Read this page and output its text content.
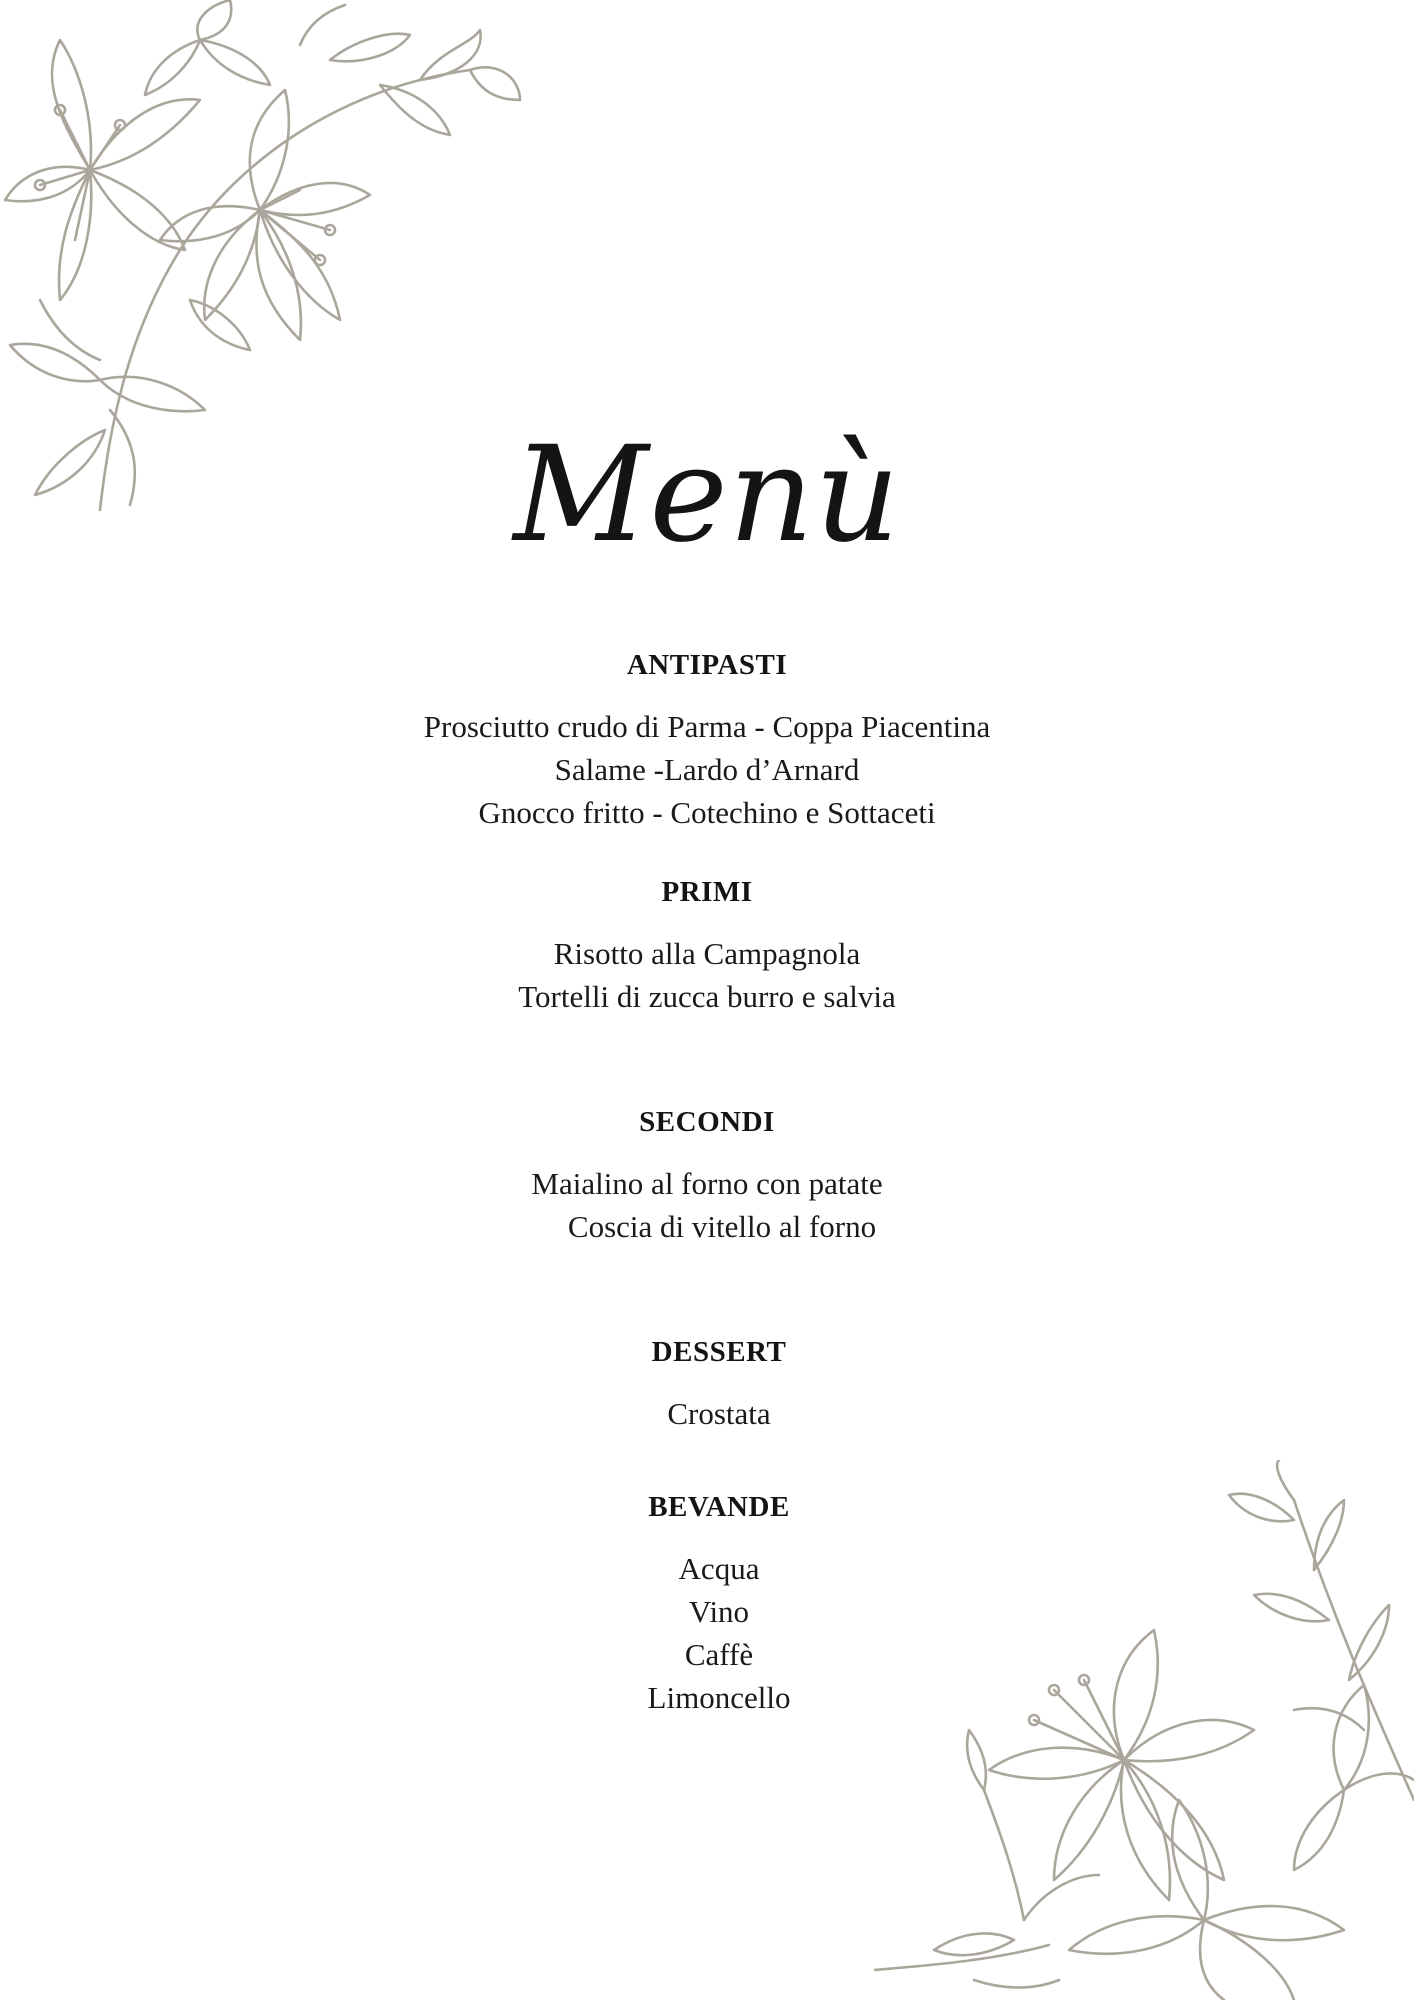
Menù
ANTIPASTI
Prosciutto crudo di Parma - Coppa Piacentina
Salame -Lardo d’Arnard
Gnocco fritto - Cotechino e Sottaceti
PRIMI
Risotto alla Campagnola
Tortelli di zucca burro e salvia
SECONDI
Maialino al forno con patate
Coscia di vitello al forno
DESSERT
Crostata
BEVANDE
Acqua
Vino
Caffè
Limoncello
